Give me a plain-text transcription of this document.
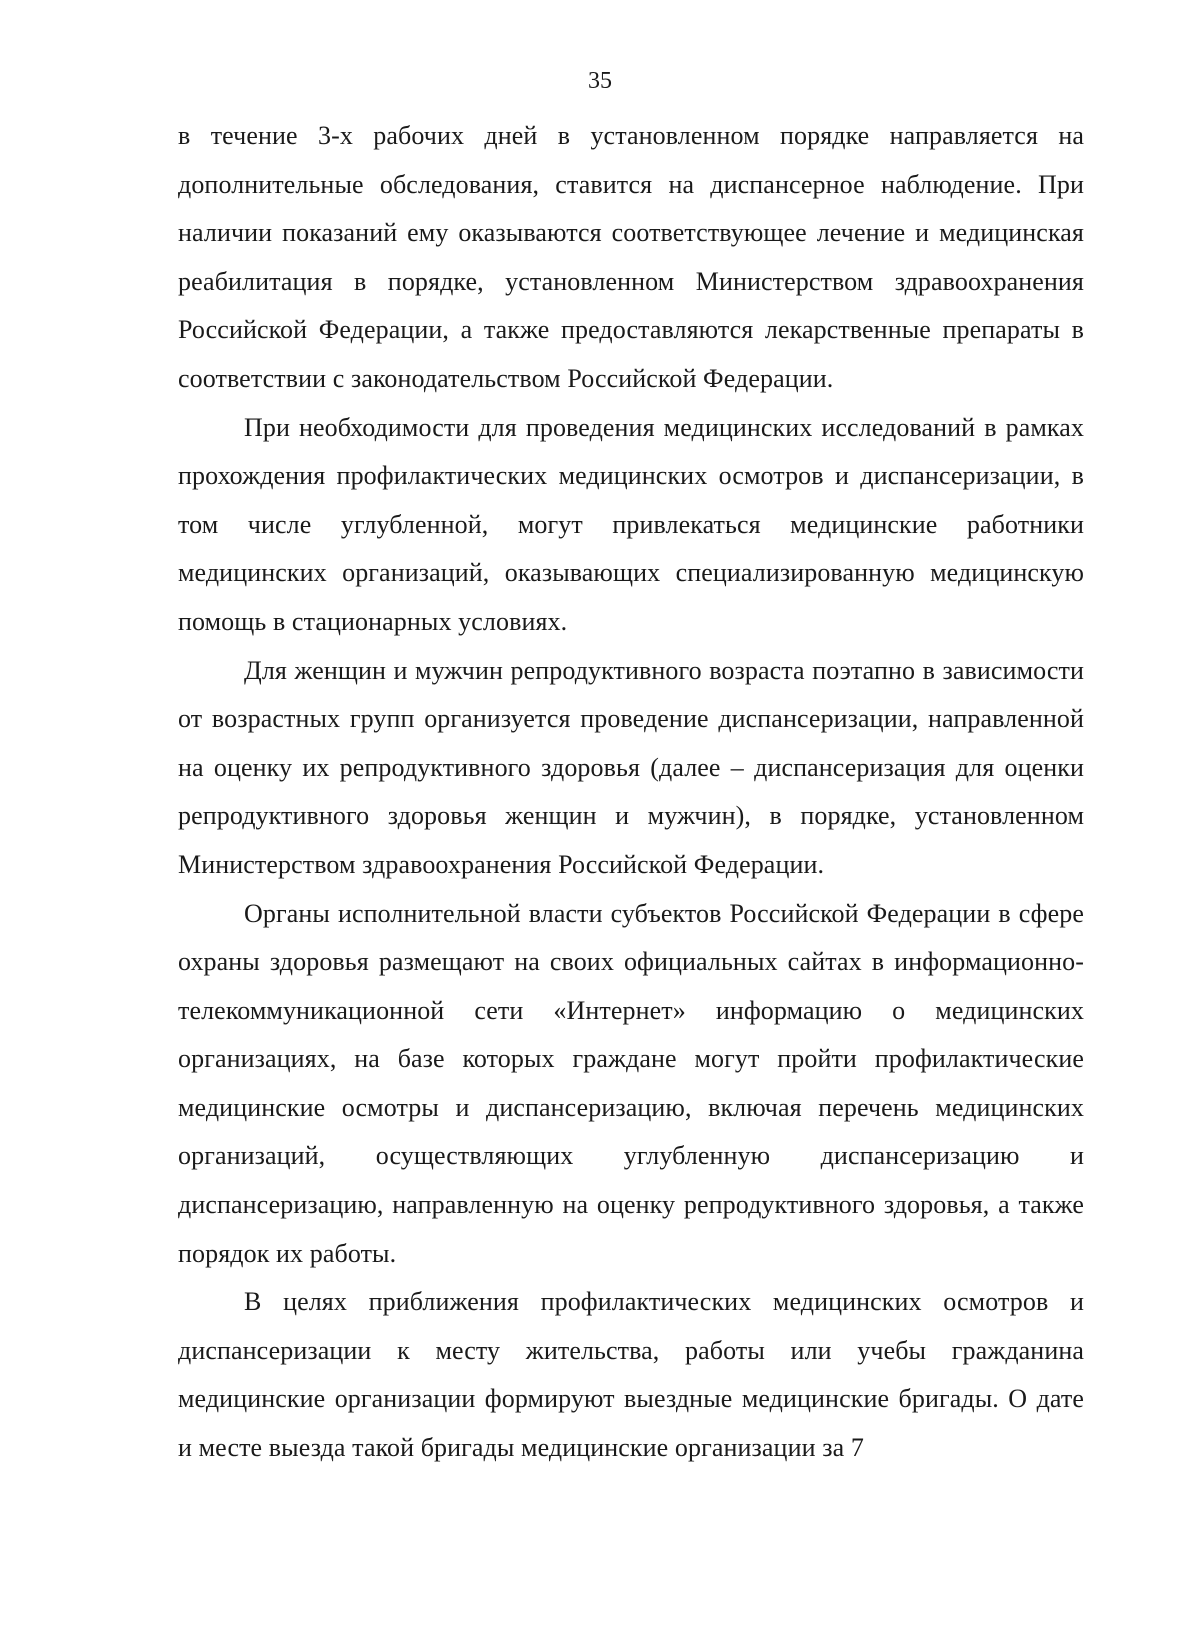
35

в течение 3-х рабочих дней в установленном порядке направляется на дополнительные обследования, ставится на диспансерное наблюдение. При наличии показаний ему оказываются соответствующее лечение и медицинская реабилитация в порядке, установленном Министерством здравоохранения Российской Федерации, а также предоставляются лекарственные препараты в соответствии с законодательством Российской Федерации.

При необходимости для проведения медицинских исследований в рамках прохождения профилактических медицинских осмотров и диспансеризации, в том числе углубленной, могут привлекаться медицинские работники медицинских организаций, оказывающих специализированную медицинскую помощь в стационарных условиях.

Для женщин и мужчин репродуктивного возраста поэтапно в зависимости от возрастных групп организуется проведение диспансеризации, направленной на оценку их репродуктивного здоровья (далее – диспансеризация для оценки репродуктивного здоровья женщин и мужчин), в порядке, установленном Министерством здравоохранения Российской Федерации.

Органы исполнительной власти субъектов Российской Федерации в сфере охраны здоровья размещают на своих официальных сайтах в информационно-телекоммуникационной сети «Интернет» информацию о медицинских организациях, на базе которых граждане могут пройти профилактические медицинские осмотры и диспансеризацию, включая перечень медицинских организаций, осуществляющих углубленную диспансеризацию и диспансеризацию, направленную на оценку репродуктивного здоровья, а также порядок их работы.

В целях приближения профилактических медицинских осмотров и диспансеризации к месту жительства, работы или учебы гражданина медицинские организации формируют выездные медицинские бригады. О дате и месте выезда такой бригады медицинские организации за 7
